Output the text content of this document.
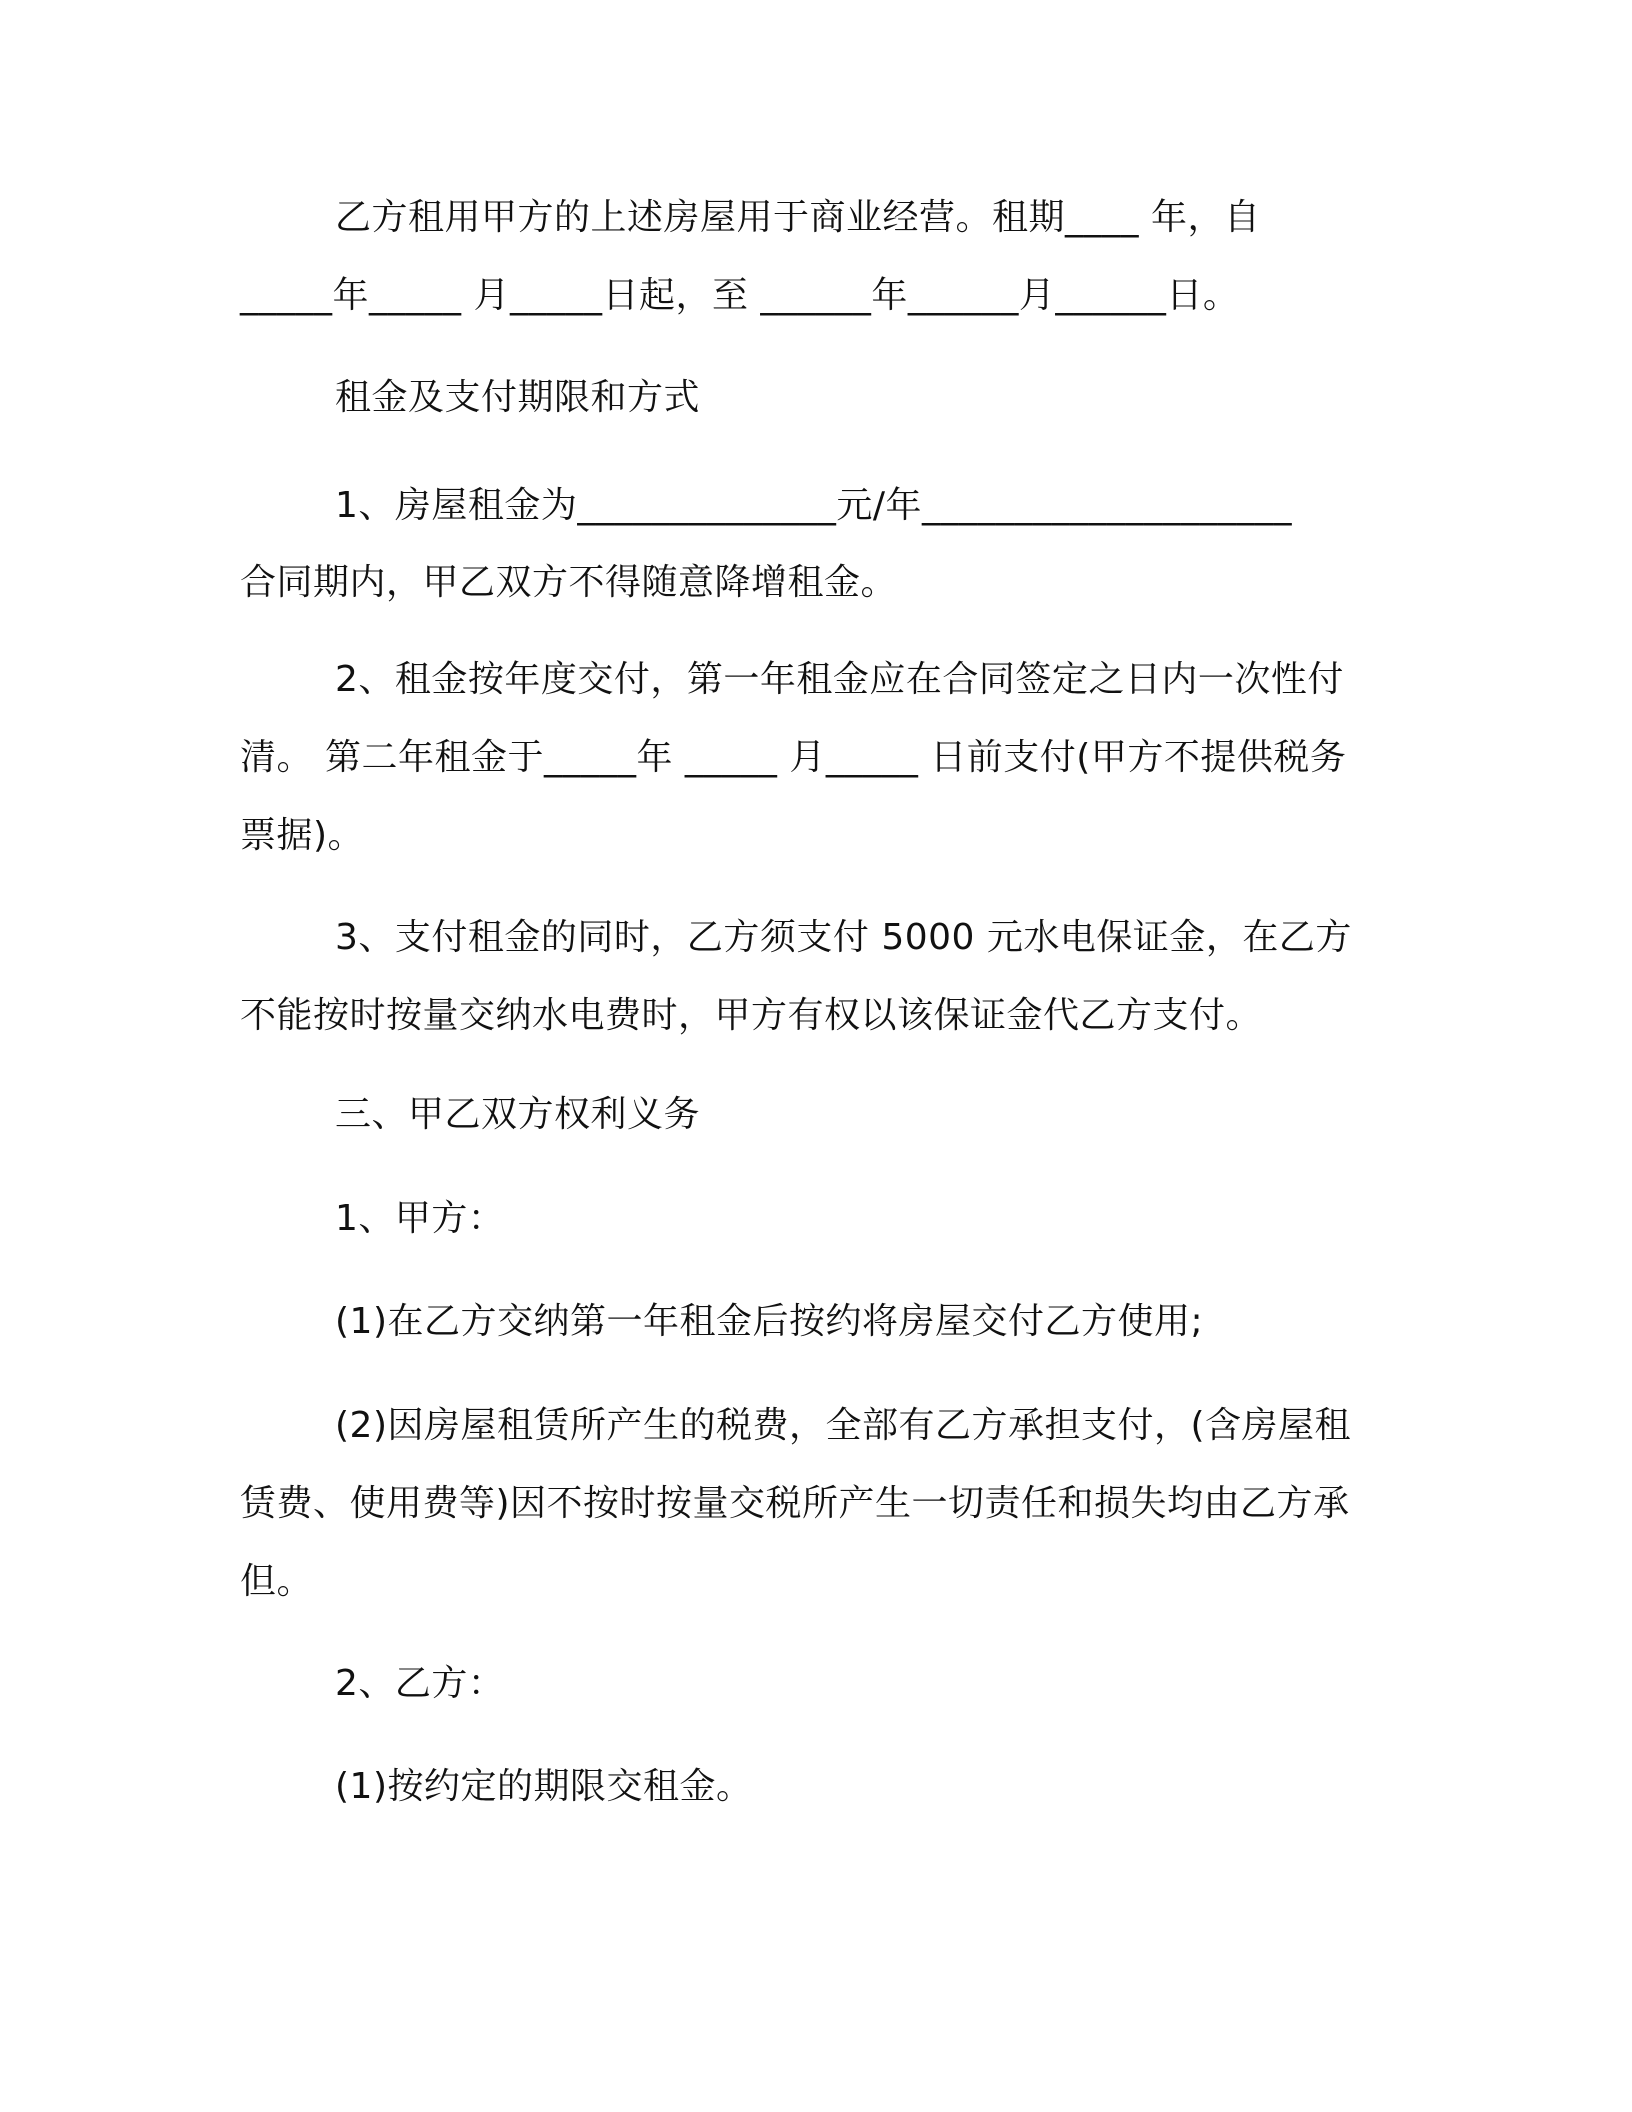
乙方租用甲方的上述房屋用于商业经营。租期____ 年，自
_____年_____ 月_____日起，至 ______年______月______日。
租金及支付期限和方式
1、房屋租金为______________元/年____________________
合同期内，甲乙双方不得随意降增租金。
2、租金按年度交付，第一年租金应在合同签定之日内一次性付
清。 第二年租金于_____年 _____ 月_____ 日前支付(甲方不提供税务
票据)。
3、支付租金的同时，乙方须支付 5000 元水电保证金，在乙方
不能按时按量交纳水电费时，甲方有权以该保证金代乙方支付。
三、甲乙双方权利义务
1、甲方：
(1)在乙方交纳第一年租金后按约将房屋交付乙方使用;
(2)因房屋租赁所产生的税费，全部有乙方承担支付，(含房屋租
赁费、使用费等)因不按时按量交税所产生一切责任和损失均由乙方承
但。
2、乙方：
(1)按约定的期限交租金。
